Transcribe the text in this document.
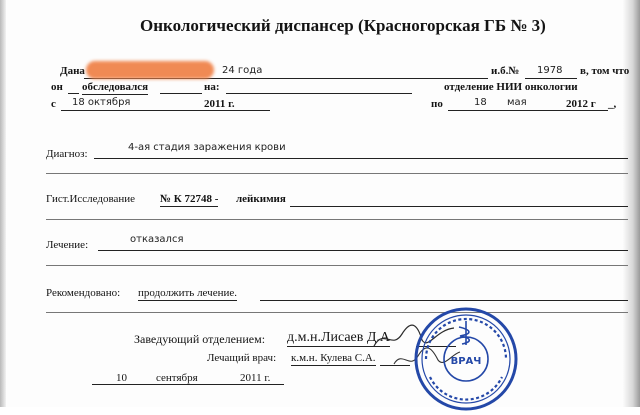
Онкологический диспансер (Красногорская ГБ № 3)
Дана	24 года	и.б.№ 1978 в, том что
он обследовался	на:	отделение НИИ онкологии
с 18 октября	2011 г.	по	18 мая	2012 г _,
Диагноз:
4-ая стадия заражения крови
Гист.Исследование № К 72748 - лейкимия
Лечение:	отказался
Рекомендовано: продолжить лечение.
Заведующий отделением: д.м.н.Лисаев Д.А
Лечащий врач: к.м.н. Кулева С.А.
10	сентября	2011 г.
ВРАЧ
